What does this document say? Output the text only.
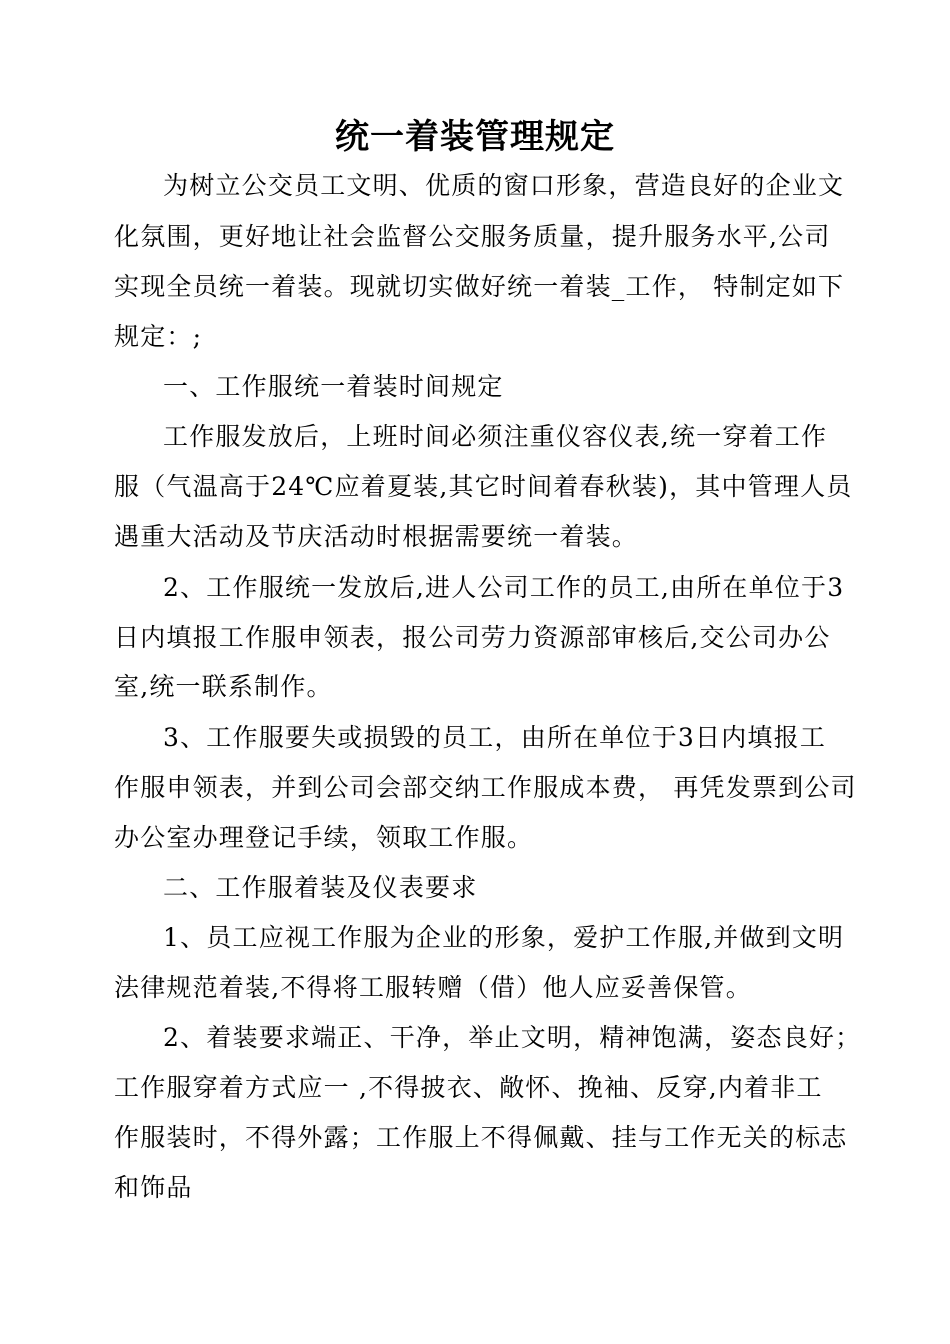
统一着装管理规定
为树立公交员工文明、优质的窗口形象，营造良好的企业文
化氛围，更好地让社会监督公交服务质量，提升服务水平,公司
实现全员统一着装。现就切实做好统一着装_工作， 特制定如下
规定：;
一、工作服统一着装时间规定
工作服发放后，上班时间必须注重仪容仪表,统一穿着工作
服（气温高于24℃应着夏装,其它时间着春秋装)，其中管理人员
遇重大活动及节庆活动时根据需要统一着装。
2、工作服统一发放后,进人公司工作的员工,由所在单位于3
日内填报工作服申领表，报公司劳力资源部审核后,交公司办公
室,统一联系制作。
3、工作服要失或损毁的员工，由所在单位于3日内填报工
作服申领表，并到公司会部交纳工作服成本费， 再凭发票到公司
办公室办理登记手续，领取工作服。
二、工作服着装及仪表要求
1、员工应视工作服为企业的形象，爱护工作服,并做到文明
法律规范着装,不得将工服转赠（借）他人应妥善保管。
2、着装要求端正、干净，举止文明，精神饱满，姿态良好；
工作服穿着方式应一 ,不得披衣、敞怀、挽袖、反穿,内着非工
作服装时，不得外露；工作服上不得佩戴、挂与工作无关的标志
和饰品
